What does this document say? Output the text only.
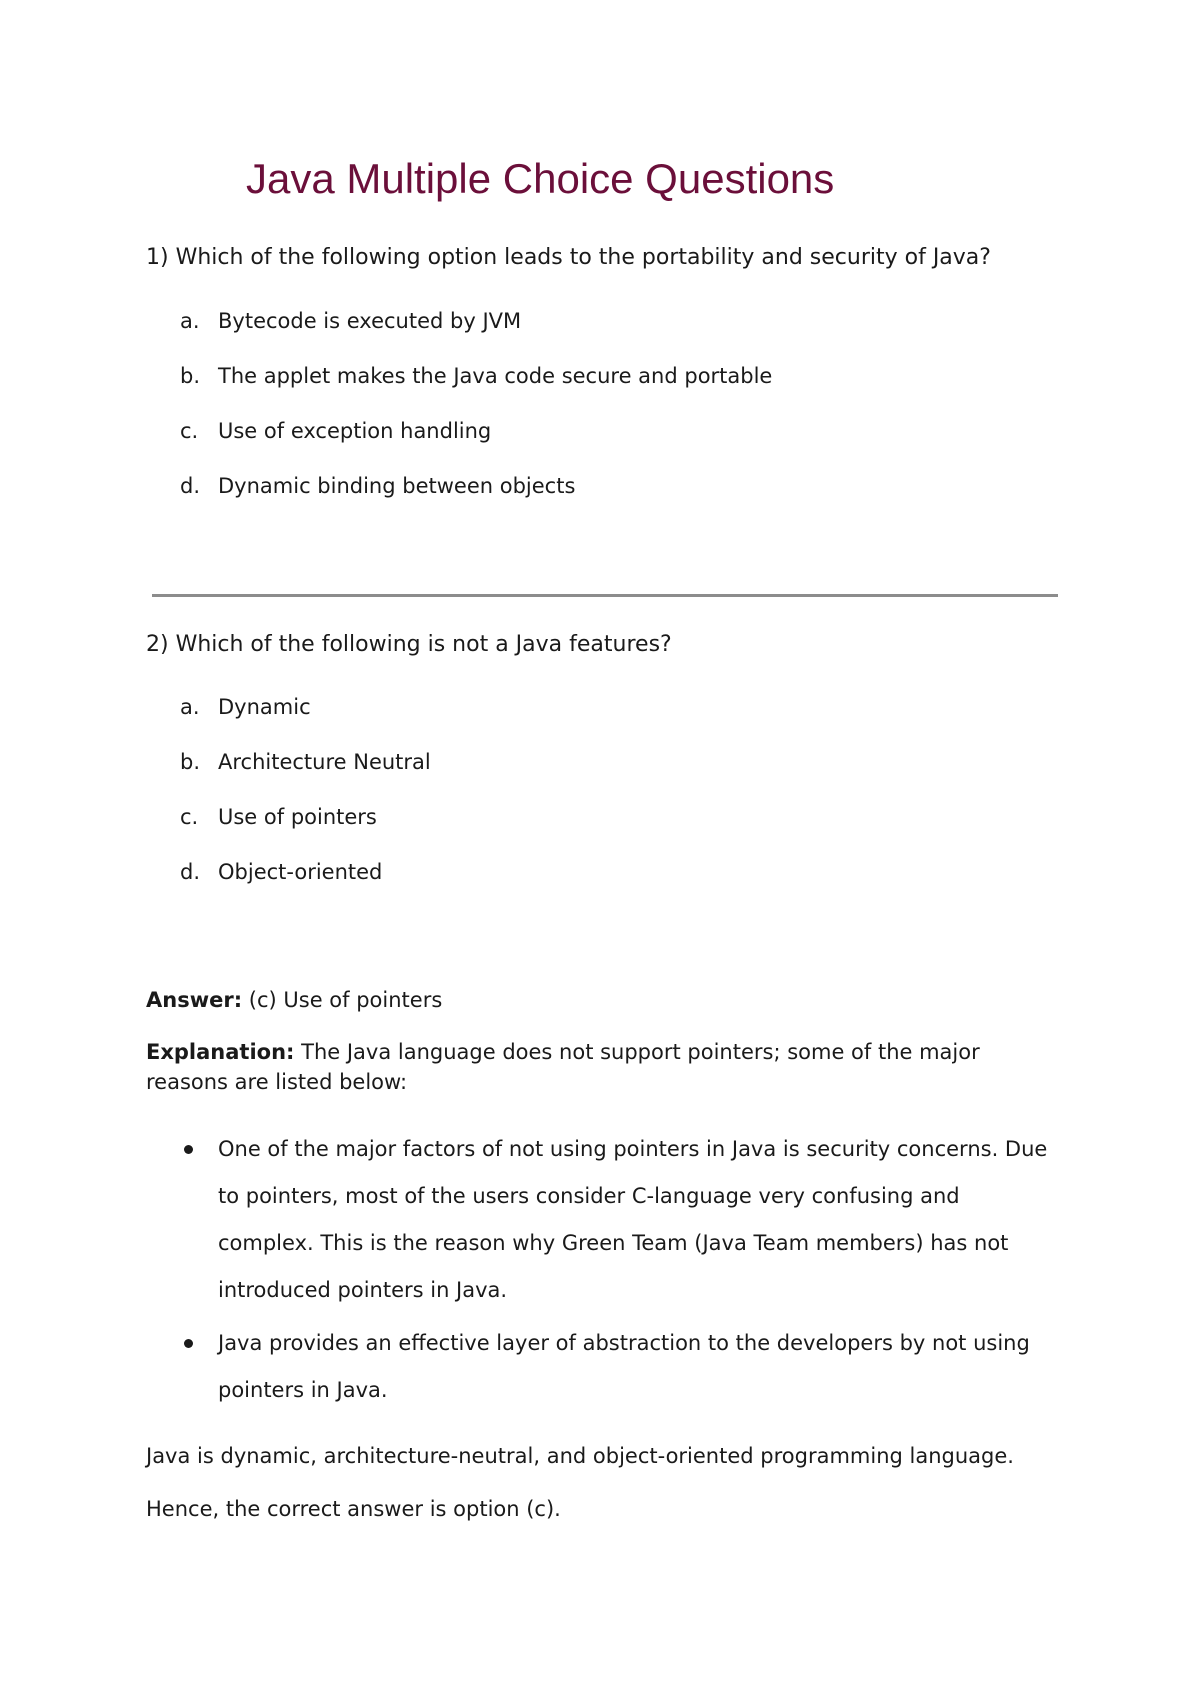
Java Multiple Choice Questions

1) Which of the following option leads to the portability and security of Java?

a. Bytecode is executed by JVM
b. The applet makes the Java code secure and portable
c. Use of exception handling
d. Dynamic binding between objects

2) Which of the following is not a Java features?

a. Dynamic
b. Architecture Neutral
c. Use of pointers
d. Object-oriented

Answer: (c) Use of pointers

Explanation: The Java language does not support pointers; some of the major reasons are listed below:

One of the major factors of not using pointers in Java is security concerns. Due to pointers, most of the users consider C-language very confusing and complex. This is the reason why Green Team (Java Team members) has not introduced pointers in Java.
Java provides an effective layer of abstraction to the developers by not using pointers in Java.

Java is dynamic, architecture-neutral, and object-oriented programming language.

Hence, the correct answer is option (c).
